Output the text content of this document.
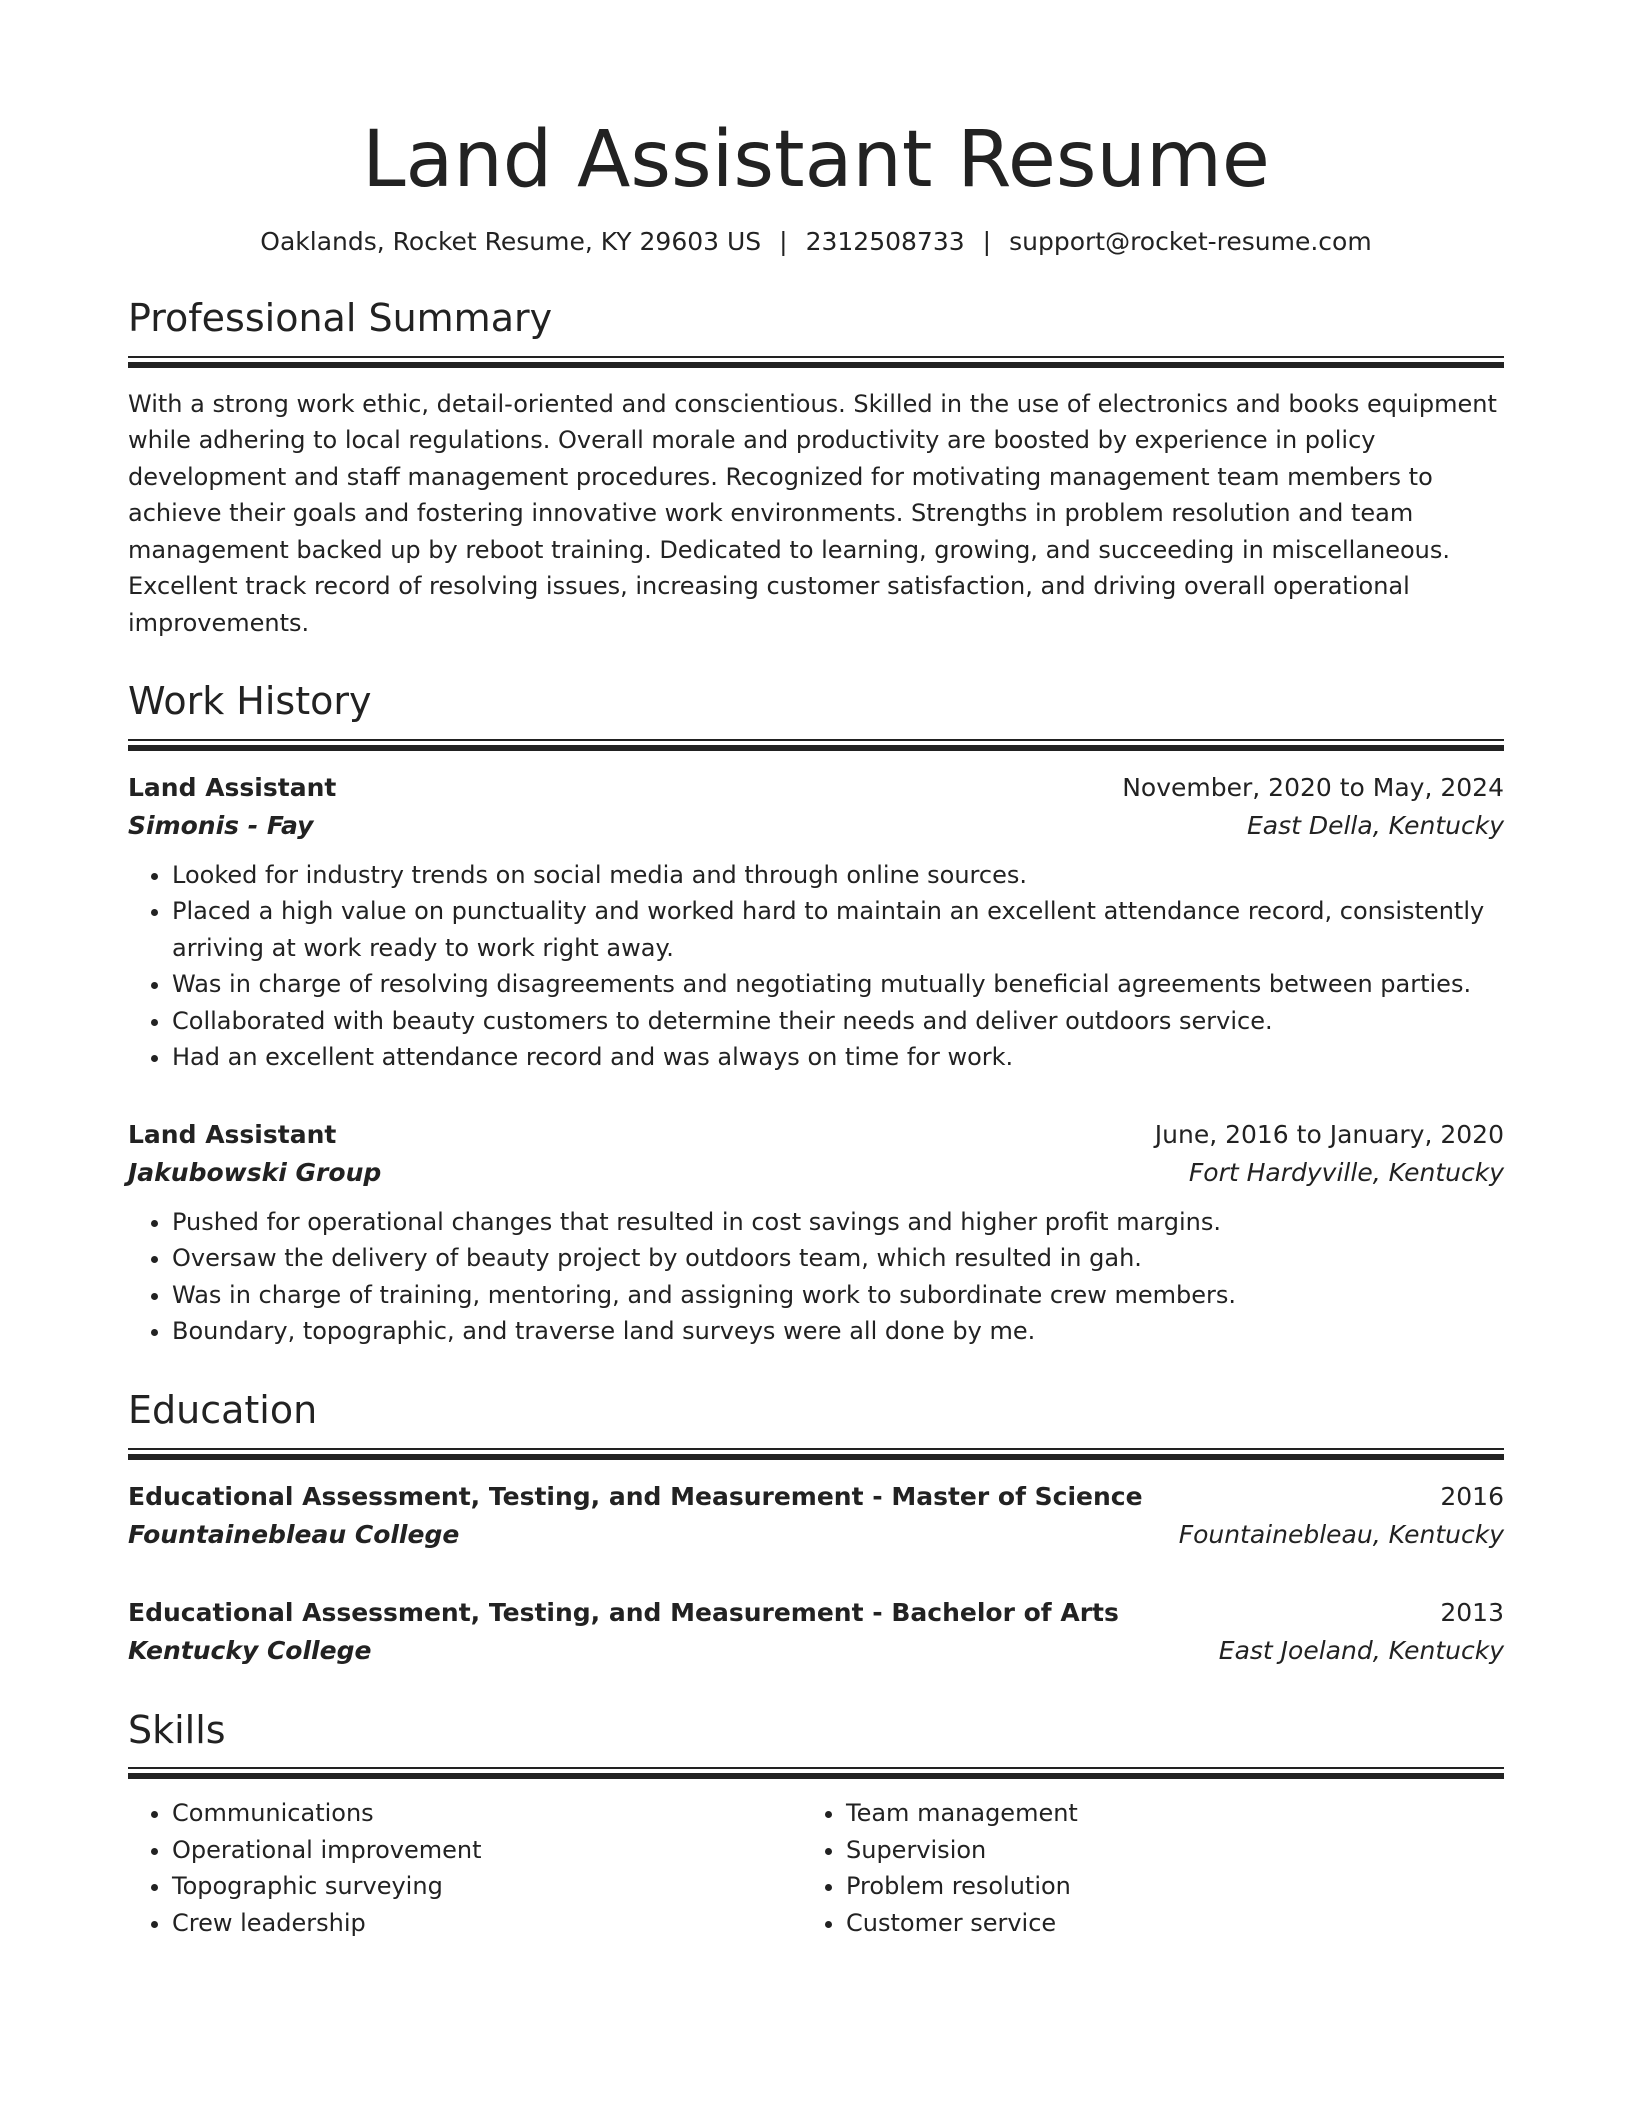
Land Assistant Resume
Oaklands, Rocket Resume, KY 29603 US | 2312508733 | support@rocket-resume.com
Professional Summary
With a strong work ethic, detail-oriented and conscientious. Skilled in the use of electronics and books equipment while adhering to local regulations. Overall morale and productivity are boosted by experience in policy development and staff management procedures. Recognized for motivating management team members to achieve their goals and fostering innovative work environments. Strengths in problem resolution and team management backed up by reboot training. Dedicated to learning, growing, and succeeding in miscellaneous. Excellent track record of resolving issues, increasing customer satisfaction, and driving overall operational improvements.
Work History
Land Assistant	November, 2020 to May, 2024
Simonis - Fay	East Della, Kentucky
• Looked for industry trends on social media and through online sources.
• Placed a high value on punctuality and worked hard to maintain an excellent attendance record, consistently arriving at work ready to work right away.
• Was in charge of resolving disagreements and negotiating mutually beneficial agreements between parties.
• Collaborated with beauty customers to determine their needs and deliver outdoors service.
• Had an excellent attendance record and was always on time for work.
Land Assistant	June, 2016 to January, 2020
Jakubowski Group	Fort Hardyville, Kentucky
• Pushed for operational changes that resulted in cost savings and higher profit margins.
• Oversaw the delivery of beauty project by outdoors team, which resulted in gah.
• Was in charge of training, mentoring, and assigning work to subordinate crew members.
• Boundary, topographic, and traverse land surveys were all done by me.
Education
Educational Assessment, Testing, and Measurement - Master of Science	2016
Fountainebleau College	Fountainebleau, Kentucky
Educational Assessment, Testing, and Measurement - Bachelor of Arts	2013
Kentucky College	East Joeland, Kentucky
Skills
• Communications
• Operational improvement
• Topographic surveying
• Crew leadership
• Team management
• Supervision
• Problem resolution
• Customer service
